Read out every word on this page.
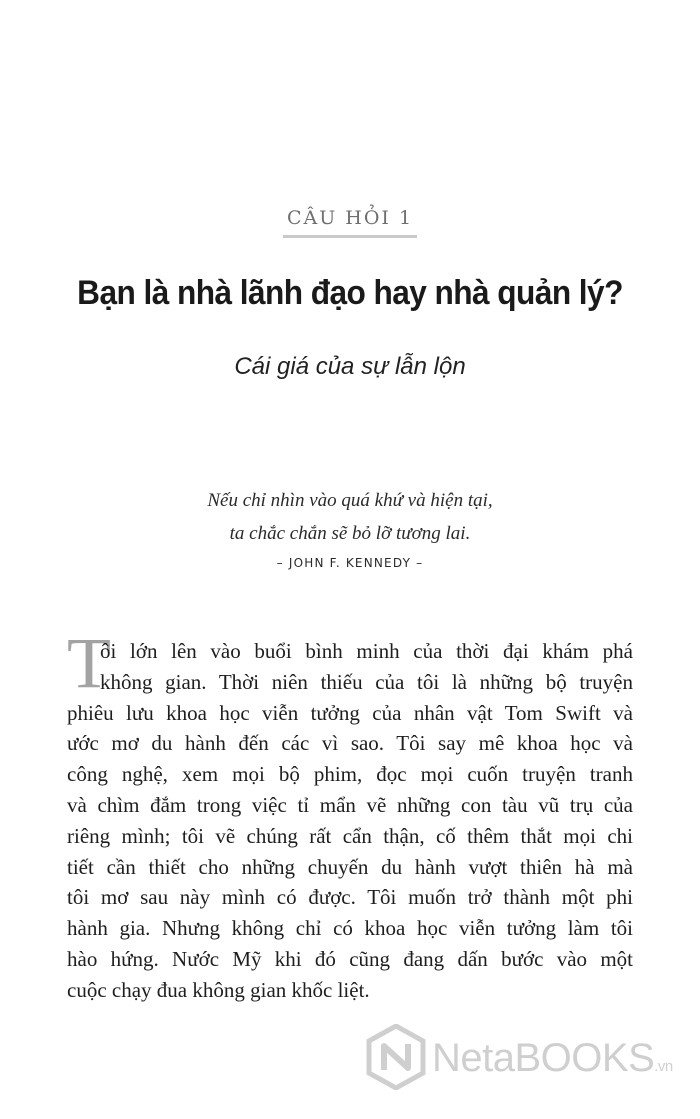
CÂU HỎI 1
Bạn là nhà lãnh đạo hay nhà quản lý?
Cái giá của sự lẫn lộn
Nếu chỉ nhìn vào quá khứ và hiện tại,
ta chắc chắn sẽ bỏ lỡ tương lai.
– JOHN F. KENNEDY –
T
ôi lớn lên vào buổi bình minh của thời đại khám phá
không gian. Thời niên thiếu của tôi là những bộ truyện
phiêu lưu khoa học viễn tưởng của nhân vật Tom Swift và
ước mơ du hành đến các vì sao. Tôi say mê khoa học và
công nghệ, xem mọi bộ phim, đọc mọi cuốn truyện tranh
và chìm đắm trong việc tỉ mẩn vẽ những con tàu vũ trụ của
riêng mình; tôi vẽ chúng rất cẩn thận, cố thêm thắt mọi chi
tiết cần thiết cho những chuyến du hành vượt thiên hà mà
tôi mơ sau này mình có được. Tôi muốn trở thành một phi
hành gia. Nhưng không chỉ có khoa học viễn tưởng làm tôi
hào hứng. Nước Mỹ khi đó cũng đang dấn bước vào một
cuộc chạy đua không gian khốc liệt.
NetaBOOKS.vn
